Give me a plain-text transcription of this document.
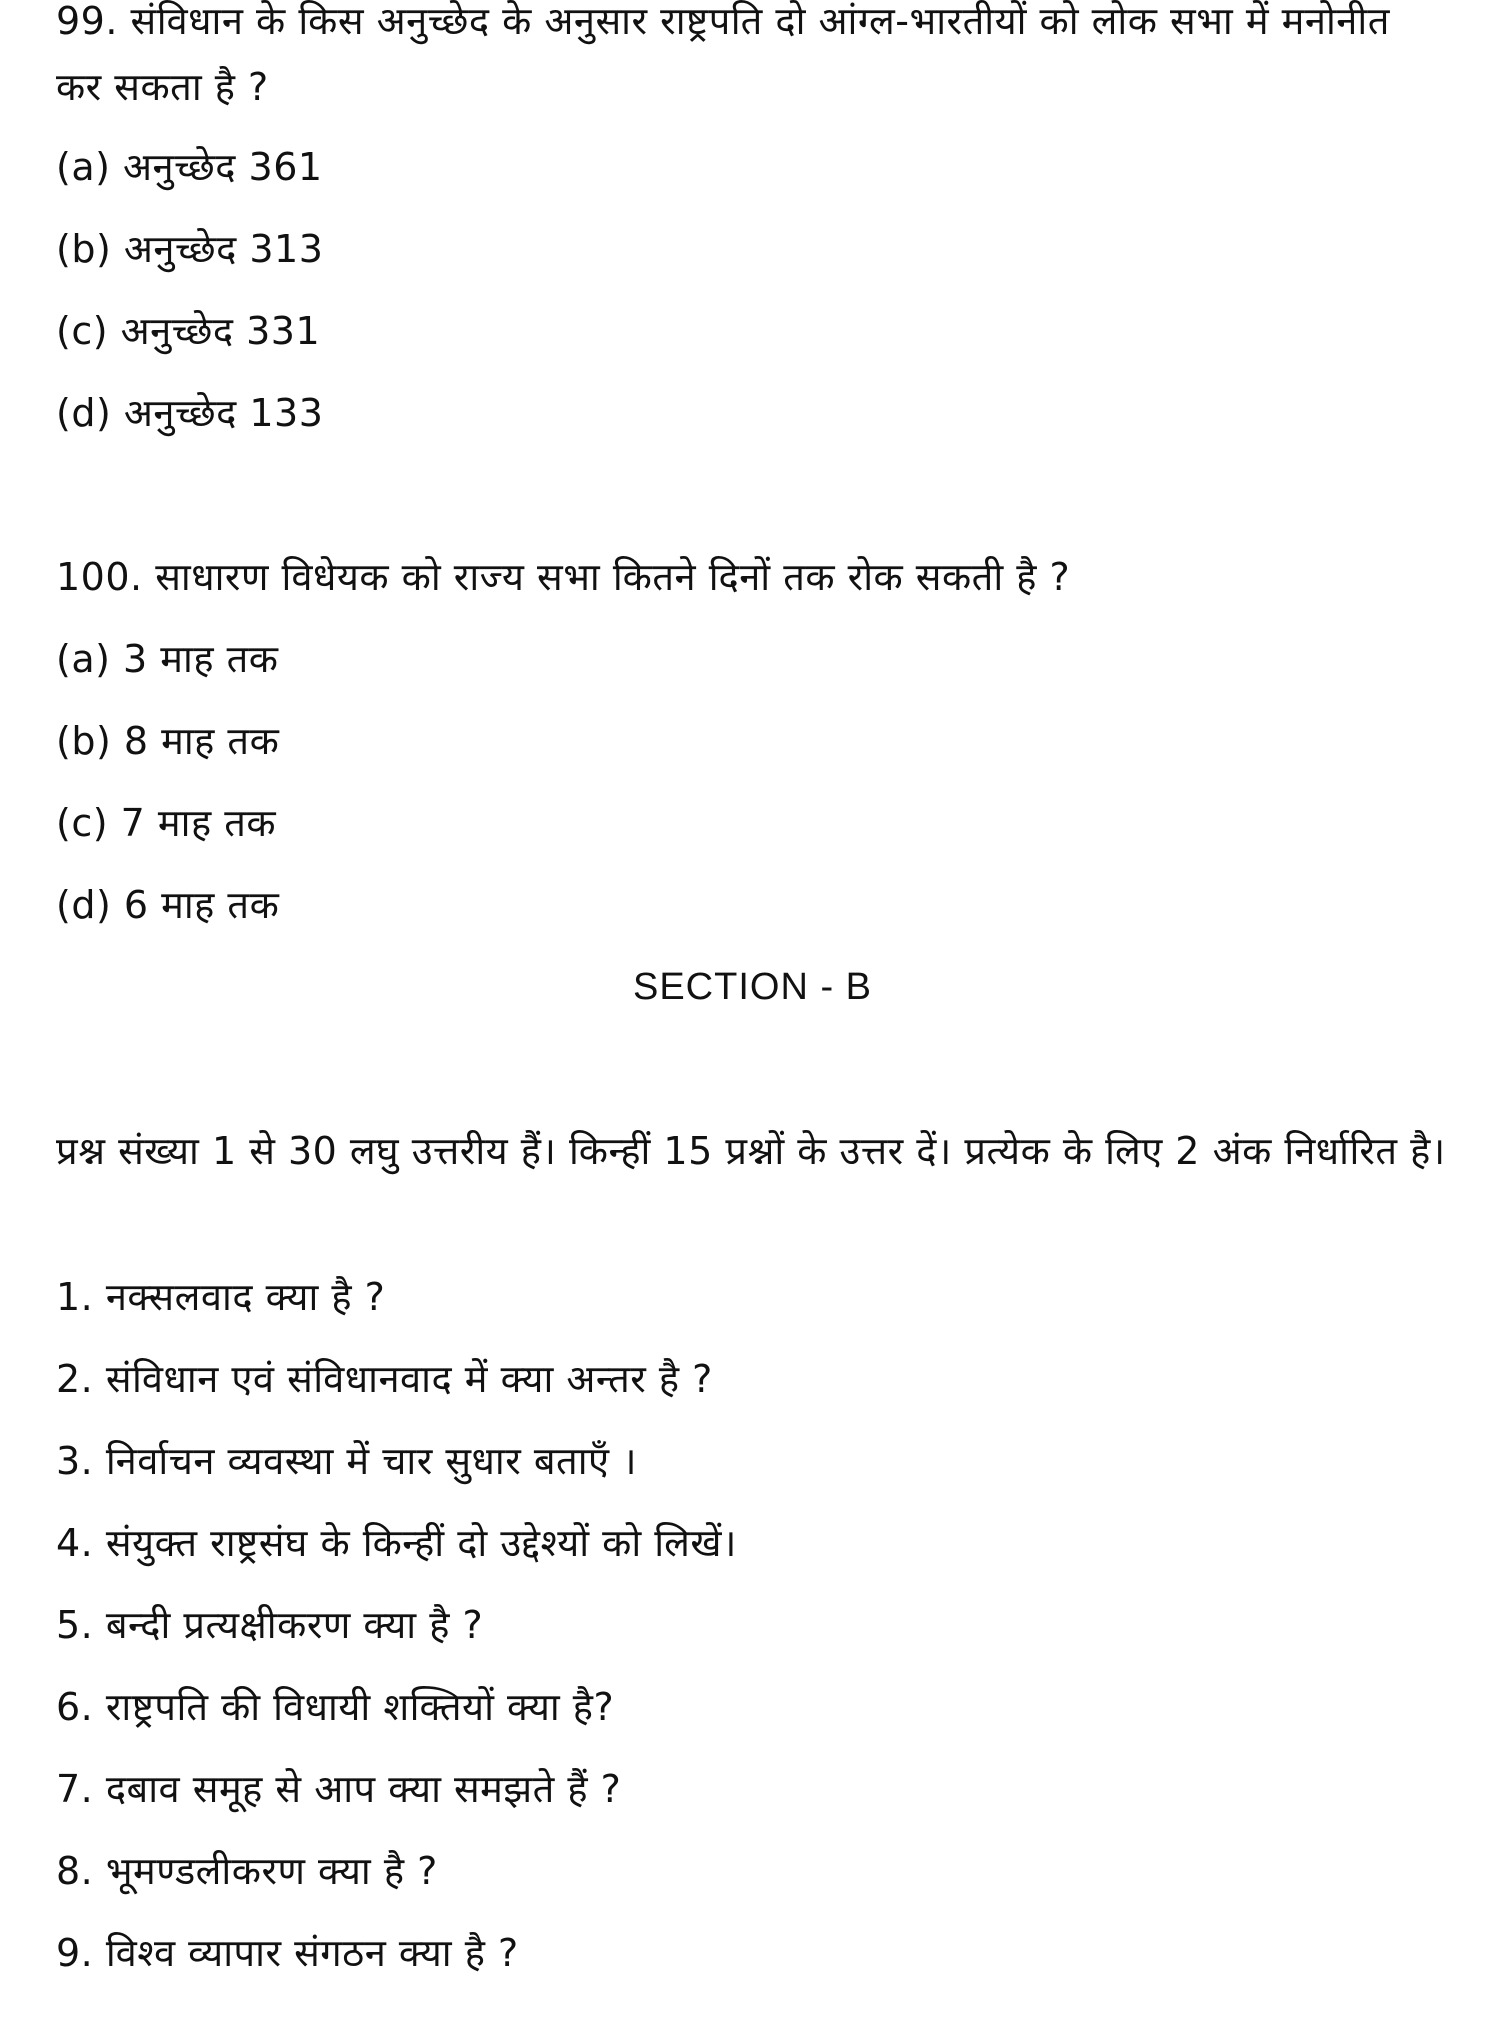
99. संविधान के किस अनुच्छेद के अनुसार राष्ट्रपति दो आंग्ल-भारतीयों को लोक सभा में मनोनीत कर सकता है ?
(a) अनुच्छेद 361
(b) अनुच्छेद 313
(c) अनुच्छेद 331
(d) अनुच्छेद 133
100. साधारण विधेयक को राज्य सभा कितने दिनों तक रोक सकती है ?
(a) 3 माह तक
(b) 8 माह तक
(c) 7 माह तक
(d) 6 माह तक
SECTION - B
प्रश्न संख्या 1 से 30 लघु उत्तरीय हैं। किन्हीं 15 प्रश्नों के उत्तर दें। प्रत्येक के लिए 2 अंक निर्धारित है।
1. नक्सलवाद क्या है ?
2. संविधान एवं संविधानवाद में क्या अन्तर है ?
3. निर्वाचन व्यवस्था में चार सुधार बताएँ ।
4. संयुक्त राष्ट्रसंघ के किन्हीं दो उद्देश्यों को लिखें।
5. बन्दी प्रत्यक्षीकरण क्या है ?
6. राष्ट्रपति की विधायी शक्तियों क्या है?
7. दबाव समूह से आप क्या समझते हैं ?
8. भूमण्डलीकरण क्या है ?
9. विश्व व्यापार संगठन क्या है ?
